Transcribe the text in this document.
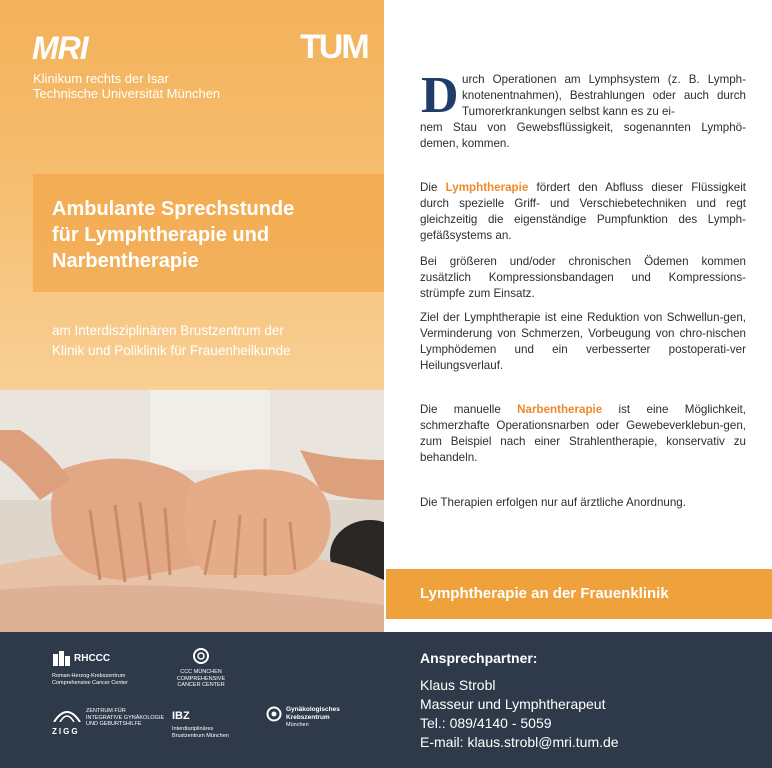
MRI	TUM
Klinikum rechts der Isar
Technische Universität München
Ambulante Sprechstunde
für Lymphtherapie und
Narbentherapie
am Interdisziplinären Brustzentrum der
Klinik und Poliklinik für Frauenheilkunde
D urch Operationen am Lymphsystem (z. B. Lymph-knotenentnahmen), Bestrahlungen oder auch durch Tumorerkrankungen selbst kann es zu ei-
nem Stau von Gewebsflüssigkeit, sogenannten Lymphö-demen, kommen.
Die Lymphtherapie fördert den Abfluss dieser Flüssigkeit durch spezielle Griff- und Verschiebetechniken und regt gleichzeitig die eigenständige Pumpfunktion des Lymph-gefäßsystems an.
Bei größeren und/oder chronischen Ödemen kommen zusätzlich Kompressionsbandagen und Kompressions-strümpfe zum Einsatz.
Ziel der Lymphtherapie ist eine Reduktion von Schwellun-gen, Verminderung von Schmerzen, Vorbeugung von chro-nischen Lymphödemen und ein verbesserter postoperati-ver Heilungsverlauf.
Die manuelle Narbentherapie ist eine Möglichkeit, schmerzhafte Operationsnarben oder Gewebeverklebun-gen, zum Beispiel nach einer Strahlentherapie, konservativ zu behandeln.
Die Therapien erfolgen nur auf ärztliche Anordnung.
Lymphtherapie an der Frauenklinik
RHCCC
Roman-Herzog-Krebszentrum
Comprehensive Cancer Center
CCC MÜNCHEN
COMPREHENSIVE
CANCER CENTER
ZIGG
ZENTRUM FÜR
INTEGRATIVE GYNÄKOLOGIE
UND GEBURTSHILFE
IBZ
Interdisziplinäres
Brustzentrum München
Gynäkologisches
Krebszentrum
München
Ansprechpartner:
Klaus Strobl
Masseur und Lymphtherapeut
Tel.: 089/4140 - 5059
E-mail: klaus.strobl@mri.tum.de
